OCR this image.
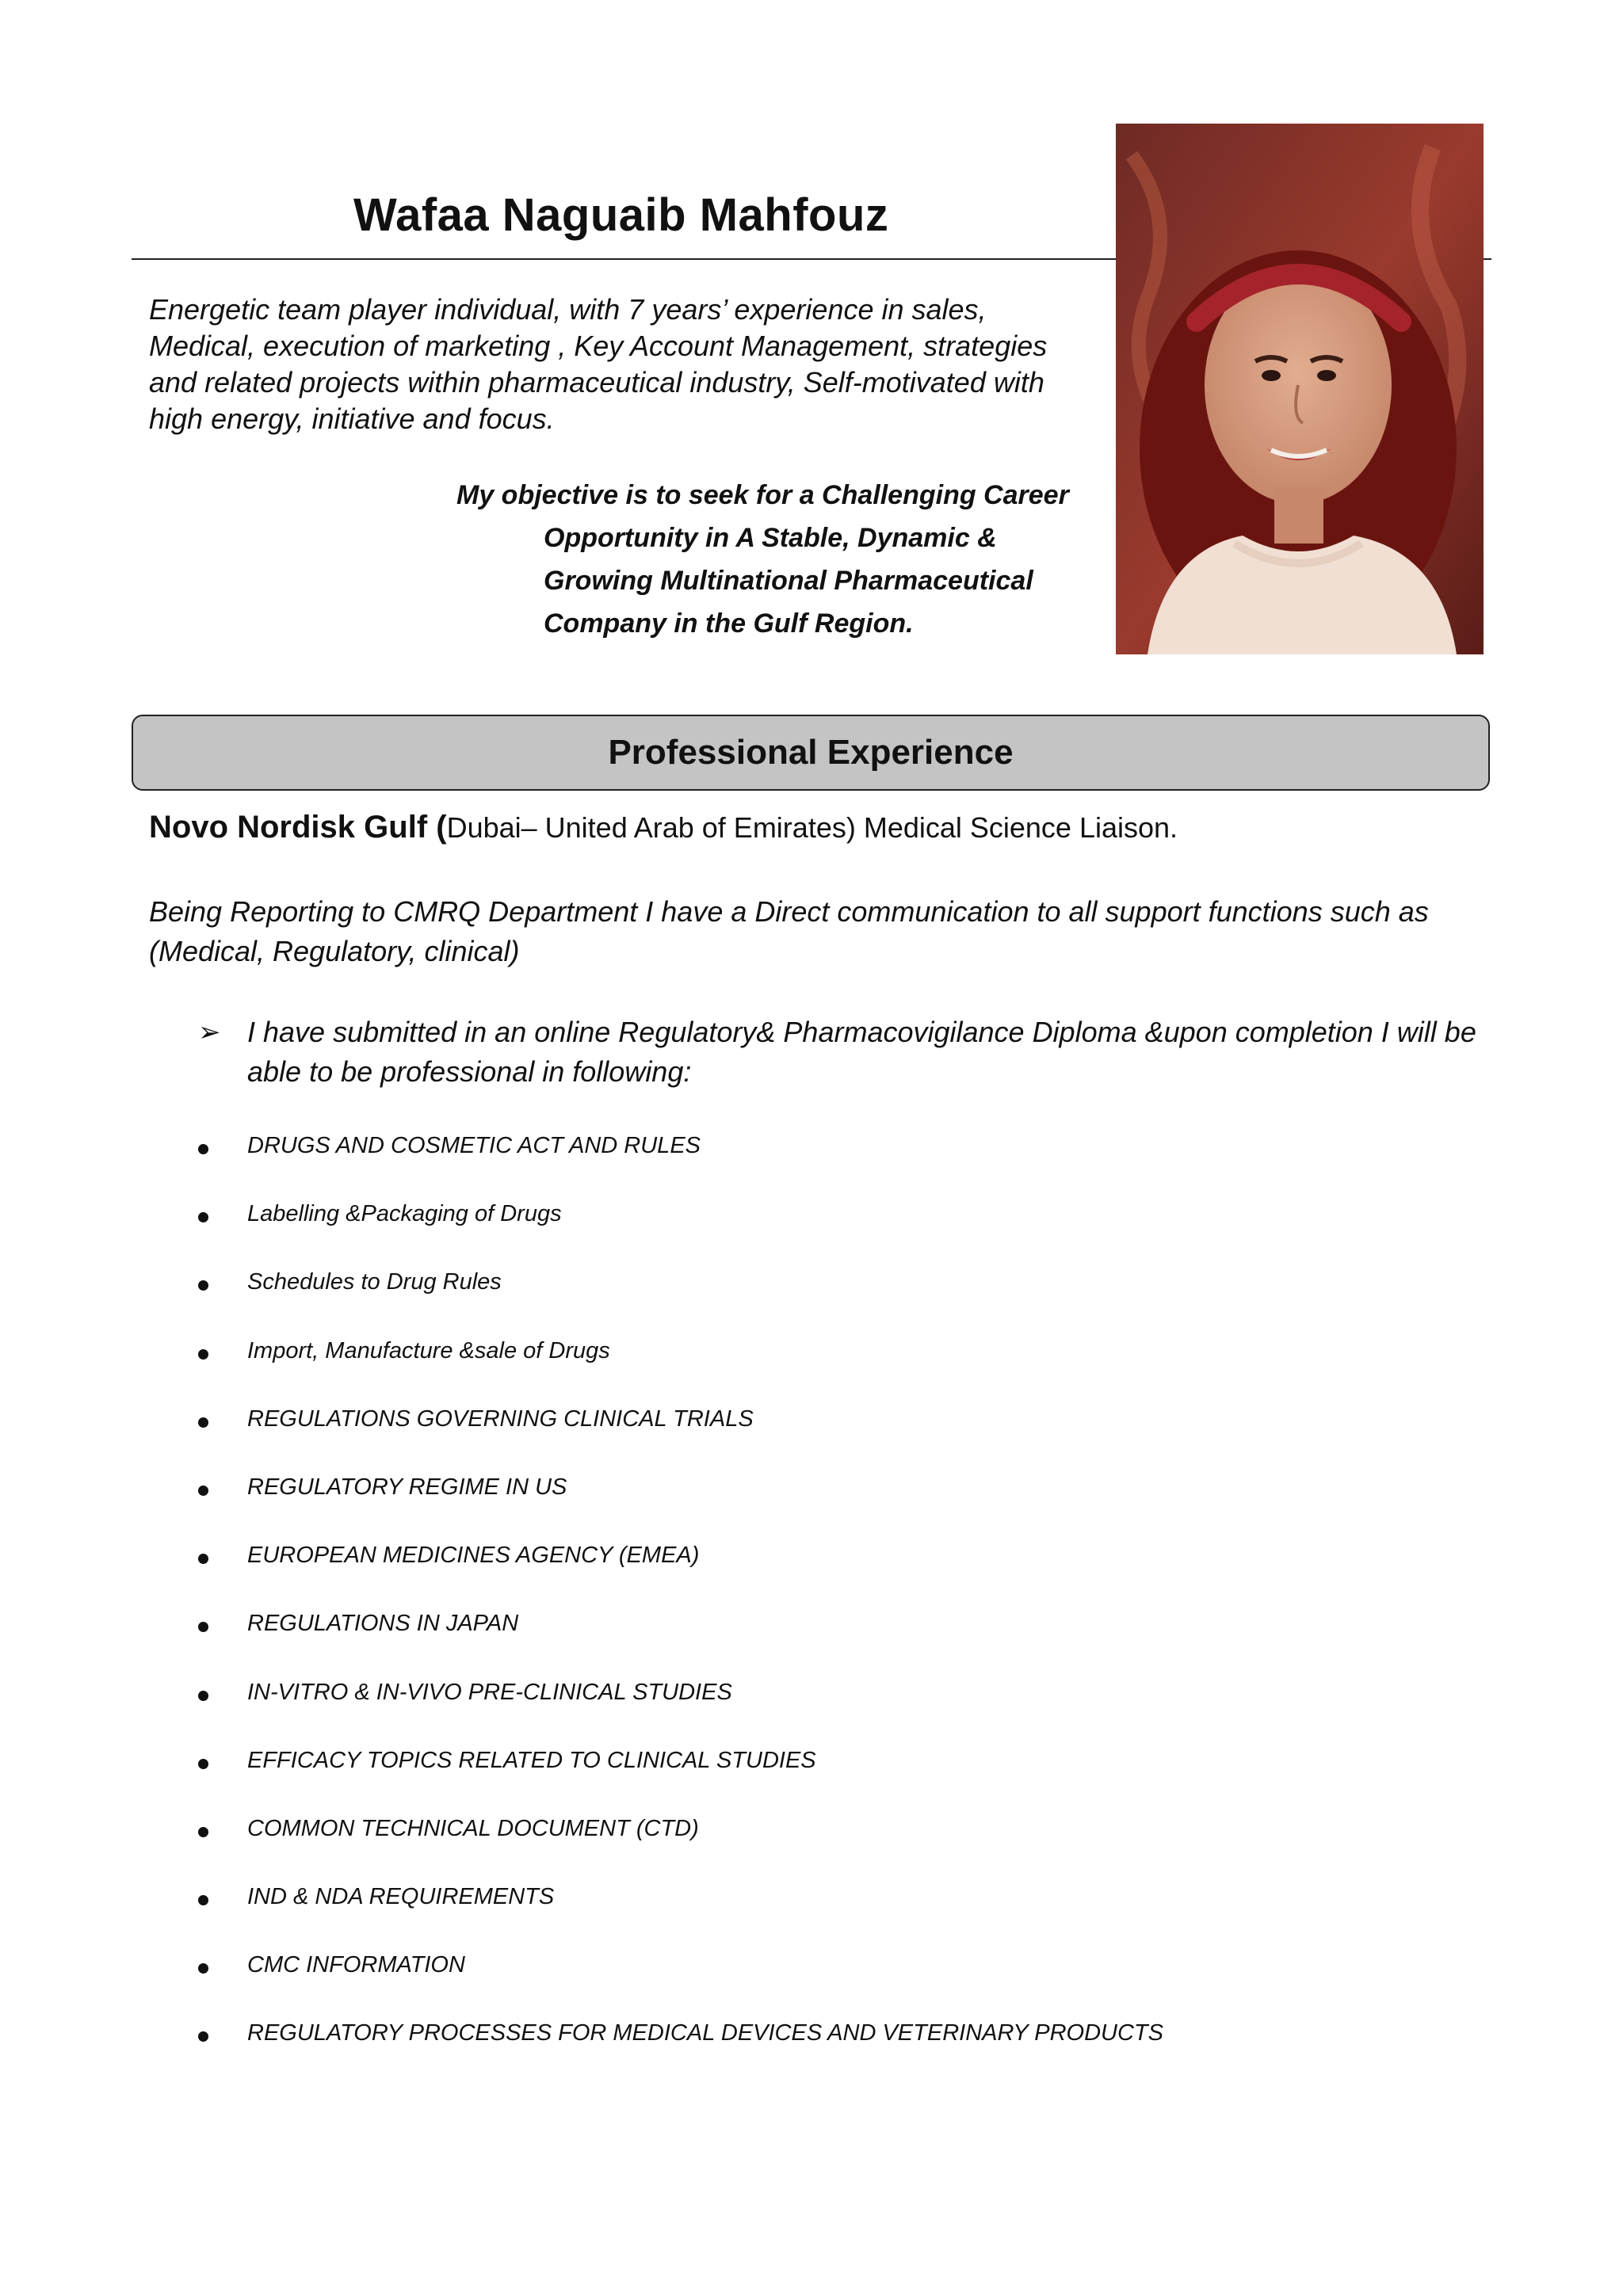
Wafaa Naguaib Mahfouz

Energetic team player individual, with 7 years’ experience in sales, Medical, execution of marketing , Key Account Management, strategies and related projects within pharmaceutical industry, Self-motivated with high energy, initiative and focus.

My objective is to seek for a Challenging Career
Opportunity in A Stable, Dynamic & Growing Multinational Pharmaceutical Company in the Gulf Region.

Professional Experience
Novo Nordisk Gulf (Dubai– United Arab of Emirates) Medical Science Liaison.

Being Reporting to CMRQ Department I have a Direct communication to all support functions such as (Medical, Regulatory, clinical)

➢ I have submitted in an online Regulatory& Pharmacovigilance Diploma &upon completion I will be able to be professional in following:
DRUGS AND COSMETIC ACT AND RULES
Labelling &Packaging of Drugs
Schedules to Drug Rules
Import, Manufacture &sale of Drugs
REGULATIONS GOVERNING CLINICAL TRIALS
REGULATORY REGIME IN US
EUROPEAN MEDICINES AGENCY (EMEA)
REGULATIONS IN JAPAN
IN-VITRO & IN-VIVO PRE-CLINICAL STUDIES
EFFICACY TOPICS RELATED TO CLINICAL STUDIES
COMMON TECHNICAL DOCUMENT (CTD)
IND & NDA REQUIREMENTS
CMC INFORMATION
REGULATORY PROCESSES FOR MEDICAL DEVICES AND VETERINARY PRODUCTS
